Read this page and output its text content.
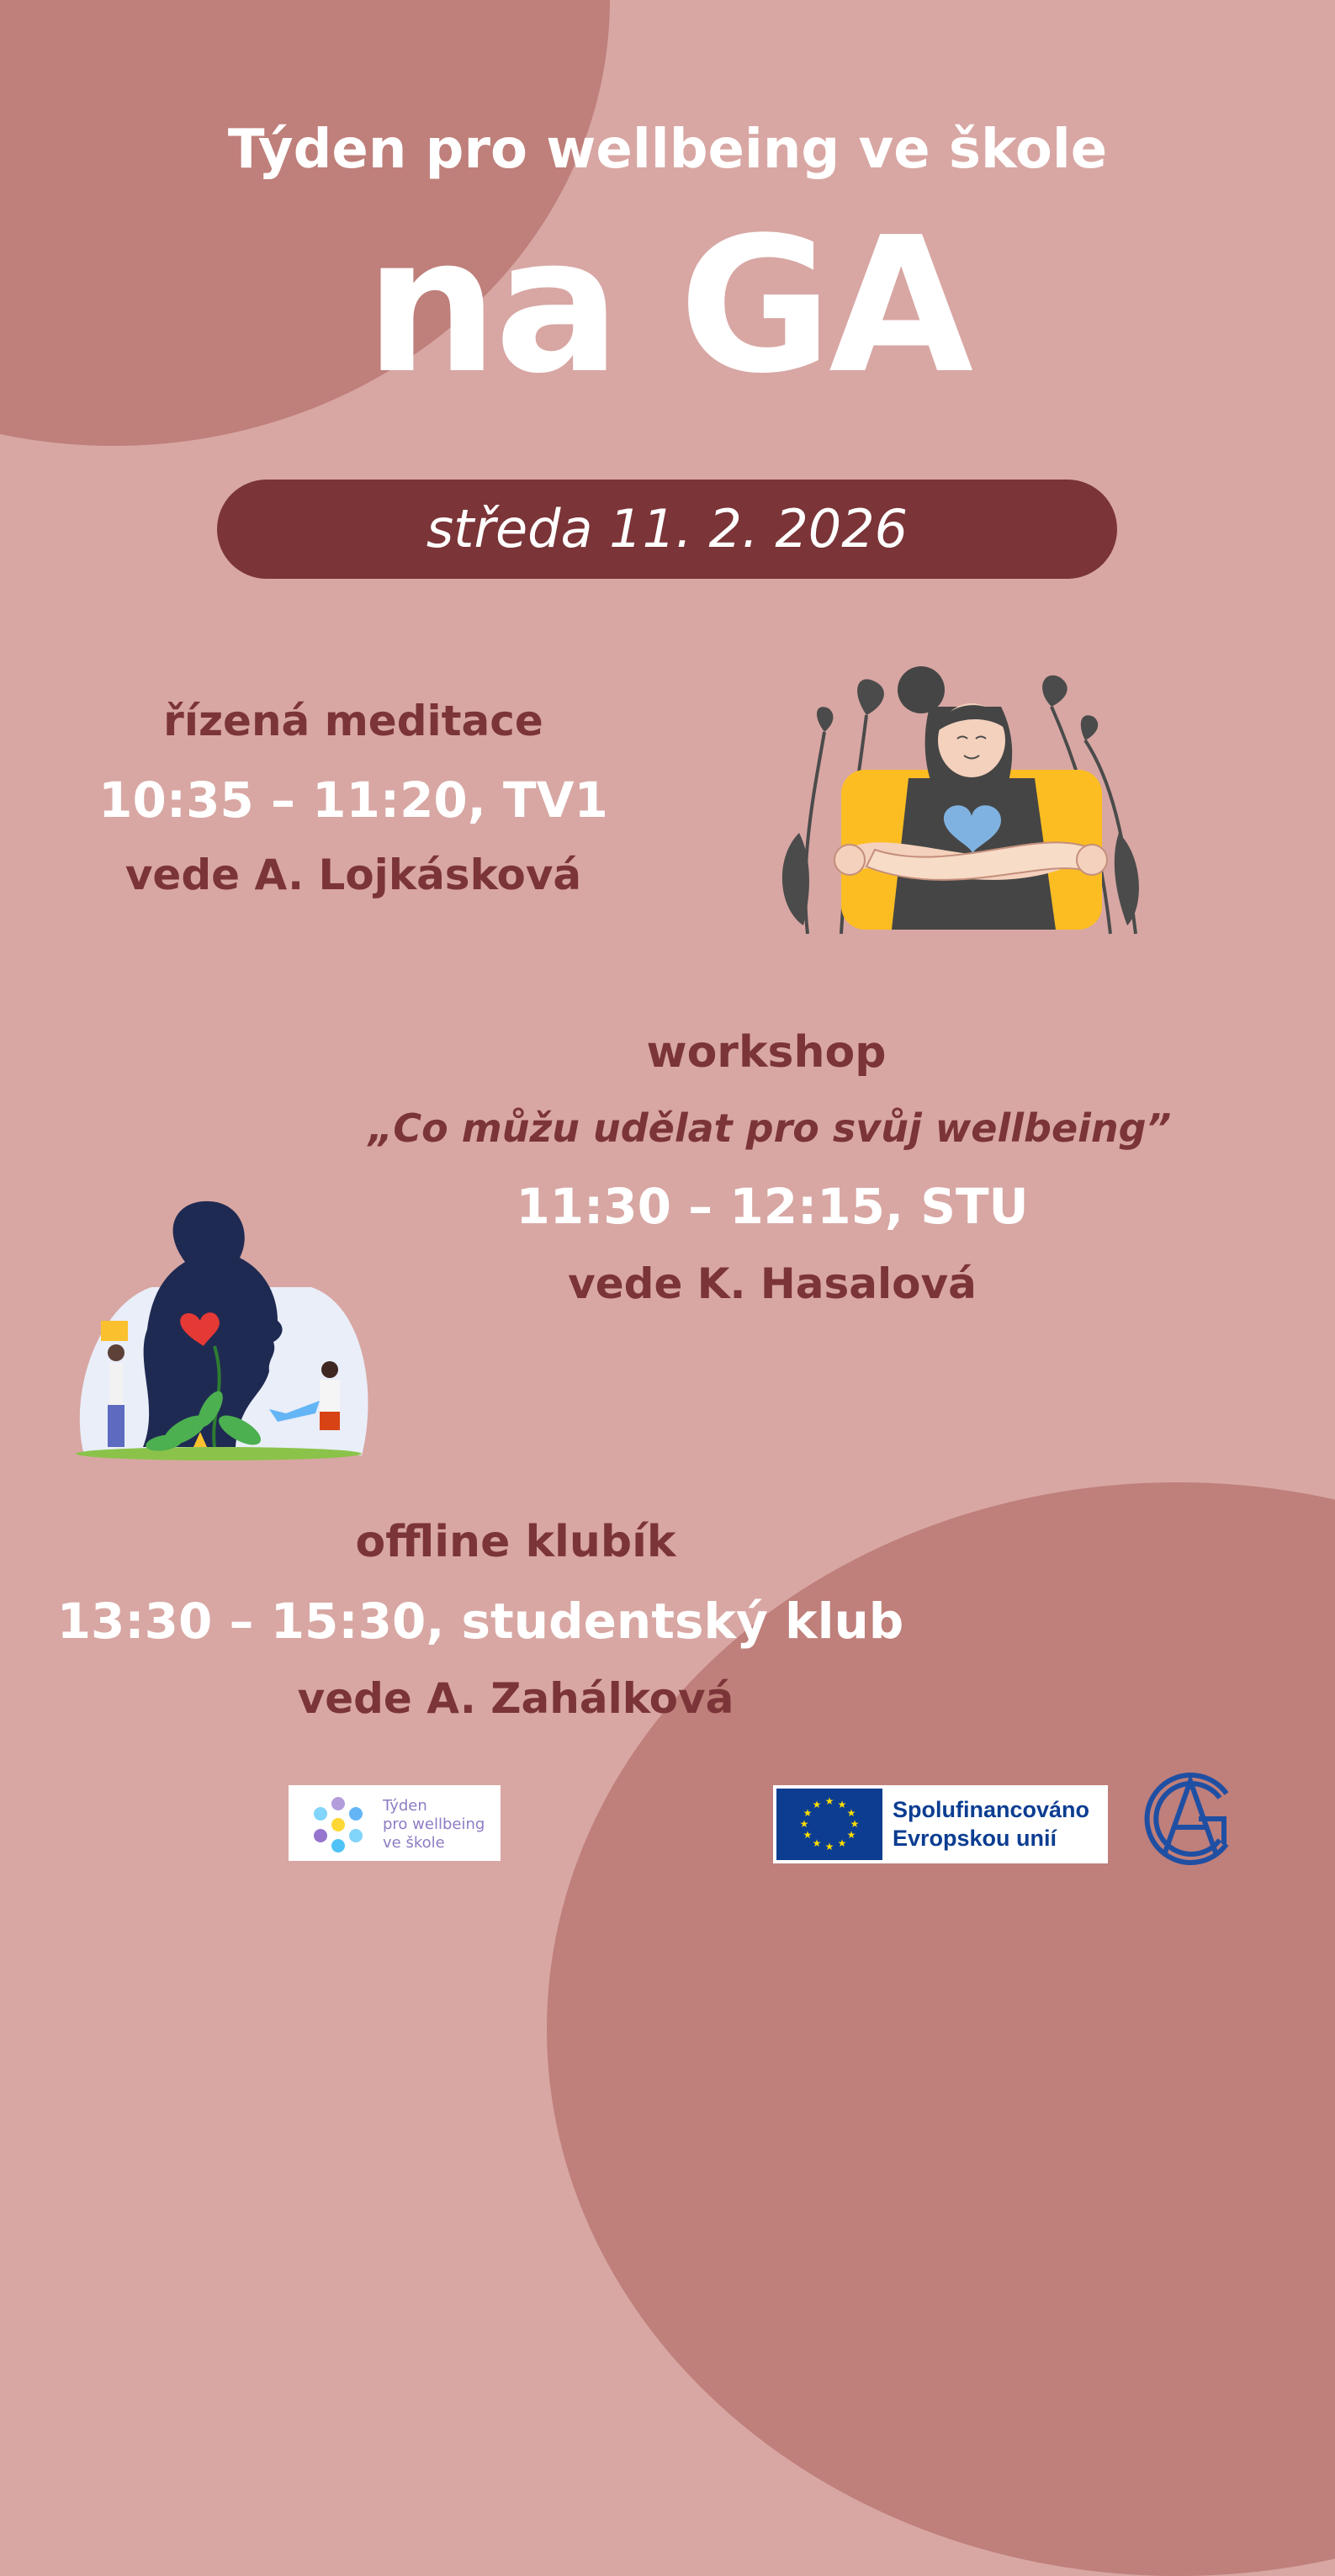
Týden pro wellbeing ve škole
na GA
středa 11. 2. 2026
řízená meditace
10:35 – 11:20, TV1
vede A. Lojkásková
workshop
„Co můžu udělat pro svůj wellbeing”
11:30 – 12:15, STU
vede K. Hasalová
offline klubík
13:30 – 15:30, studentský klub
vede A. Zahálková
Týden
pro wellbeing
ve škole
★ ★
★
★
★
★
★
★
★
★
★
★	Spolufinancováno
Evropskou unií
